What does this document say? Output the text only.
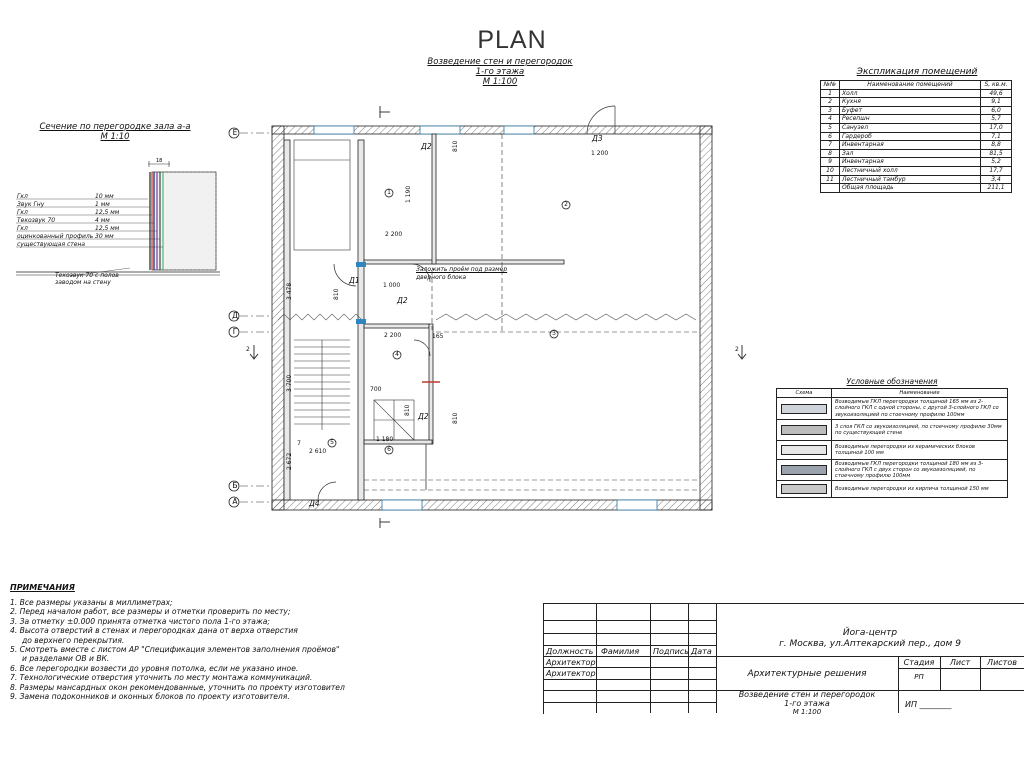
PLAN
Возведение стен и перегородок
1-го этажа
М 1:100
Сечение по перегородке зала а-а
М 1:10
18
Гкл	10 мм
Звук Гну	1 мм
Гкл	12,5 мм
Текозвук 70	4 мм
Гкл	12,5 мм
оцинкованный профиль 30 мм
существующая стена
Текозвук 70 с полов
заводом на стену
Е
Д
Г
Б
А
2	2
Д1
Д2
Д2
Д2
Д3
Д4
1
2
3
4
5
6
7
Заложить проём под размер
дверного блока
2 200
2 200
1 000
1 180
2 610
1 200
700
3 478
3 700
2 672
810
810
810
810
1 190
165
Экспликация помещений
№№	Наименование помещений	S, кв.м.
1	Холл	49,6
2	Кухня	9,1
3	Буфет	6,0
4	Ресепшн	5,7
5	Санузел	17,0
6	Гардероб	7,1
7	Инвентарная	8,8
8	Зал	81,5
9	Инвентарная	5,2
10	Лестничный холл	17,7
11	Лестничный тамбур	3,4
	Общая площадь	211,1
Условные обозначения
Схема	Наименование

	Возводимые ГКЛ перегородки толщиной 165 мм из 2-слойного ГКЛ с одной стороны, с другой 3-слойного ГКЛ со звукоизоляцией по стоечному профилю 100мм

	3 слоя ГКЛ со звукоизоляцией, по стоечному профилю 30мм по существующей стене

	Возводимые перегородки из керамических блоков толщиной 100 мм

	Возводимые ГКЛ перегородки толщиной 180 мм из 3-слойного ГКЛ с двух сторон со звукоизоляцией, по стоечному профилю 100мм

	Возводимые перегородки из кирпича толщиной 150 мм
ПРИМЕЧАНИЯ
1. Все размеры указаны в миллиметрах;
2. Перед началом работ, все размеры и отметки проверить по месту;
3. За отметку ±0.000 принята отметка чистого пола 1-го этажа;
4. Высота отверстий в стенах и перегородках дана от верха отверстия
до верхнего перекрытия.
5. Смотреть вместе с листом АР "Спецификация элементов заполнения проёмов"
и разделами ОВ и ВК.
6. Все перегородки возвести до уровня потолка, если не указано иное.
7. Технологические отверстия уточнить по месту монтажа коммуникаций.
8. Размеры мансардных окон рекомендованные, уточнить по проекту изготовител
9. Замена подоконников и оконных блоков по проекту изготовителя.
Йога-центр
г. Москва, ул.Аптекарский пер., дом 9
Должность Фамилия Подпись Дата
Архитектор
Архитектор	Архитектурные решения
Стадия	Лист	Листов
РП
Возведение стен и перегородок
1-го этажа
М 1:100
ИП ________
